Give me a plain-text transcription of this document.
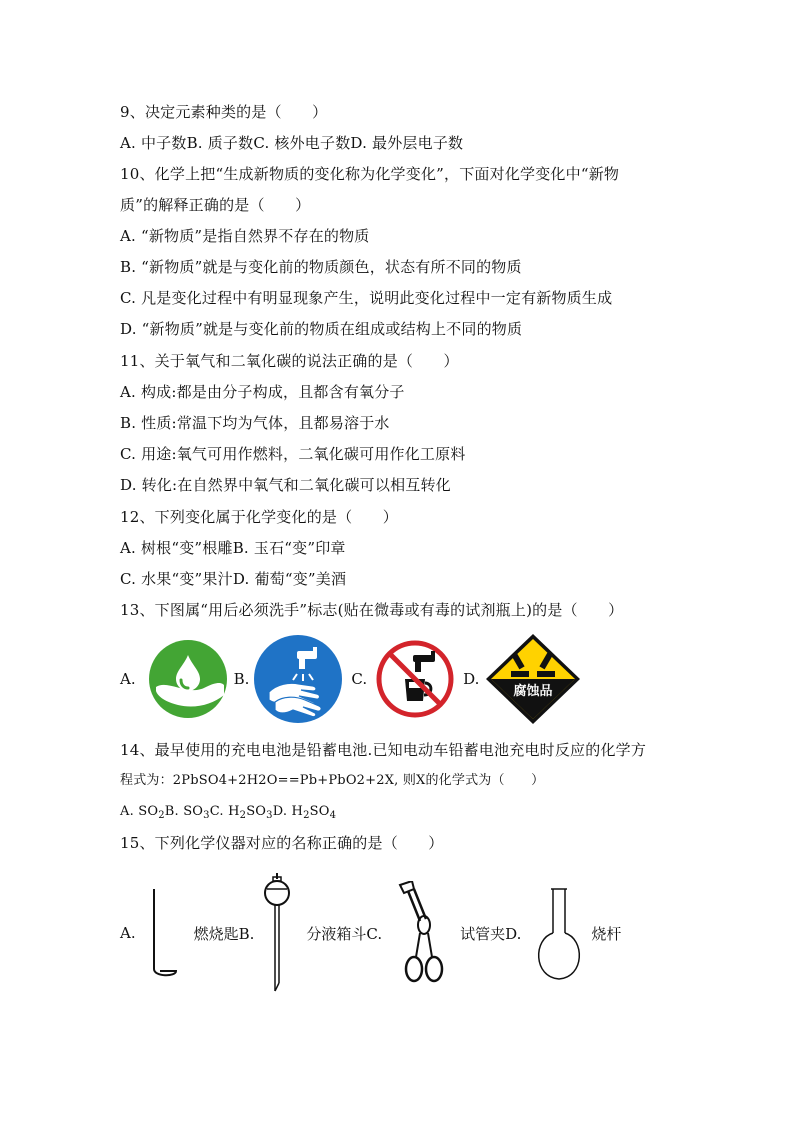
9、决定元素种类的是（　　）
A. 中子数B. 质子数C. 核外电子数D. 最外层电子数
10、化学上把“生成新物质的变化称为化学变化”，下面对化学变化中“新物
质”的解释正确的是（　　）
A. “新物质”是指自然界不存在的物质
B. “新物质”就是与变化前的物质颜色，状态有所不同的物质
C. 凡是变化过程中有明显现象产生，说明此变化过程中一定有新物质生成
D. “新物质”就是与变化前的物质在组成或结构上不同的物质
11、关于氧气和二氧化碳的说法正确的是（　　）
A. 构成:都是由分子构成，且都含有氧分子
B. 性质:常温下均为气体，且都易溶于水
C. 用途:氧气可用作燃料，二氧化碳可用作化工原料
D. 转化:在自然界中氧气和二氧化碳可以相互转化
12、下列变化属于化学变化的是（　　）
A. 树根“变”根雕B. 玉石“变”印章
C. 水果“变”果汁D. 葡萄“变”美酒
13、下图属“用后必须洗手”标志(贴在微毒或有毒的试剂瓶上)的是（　　）
A.	B.	C.	D.
腐蚀品
14、最早使用的充电电池是铅蓄电池.已知电动车铅蓄电池充电时反应的化学方
程式为：2PbSO4+2H2O==Pb+PbO2+2X, 则X的化学式为（　　）
A. $SO_2B$. $SO_3C$. $H_2SO_3D$. $H_2SO_4$
15、下列化学仪器对应的名称正确的是（　　）
A.	燃烧匙B.	分液箱斗C.	试管夹D.	烧杆
